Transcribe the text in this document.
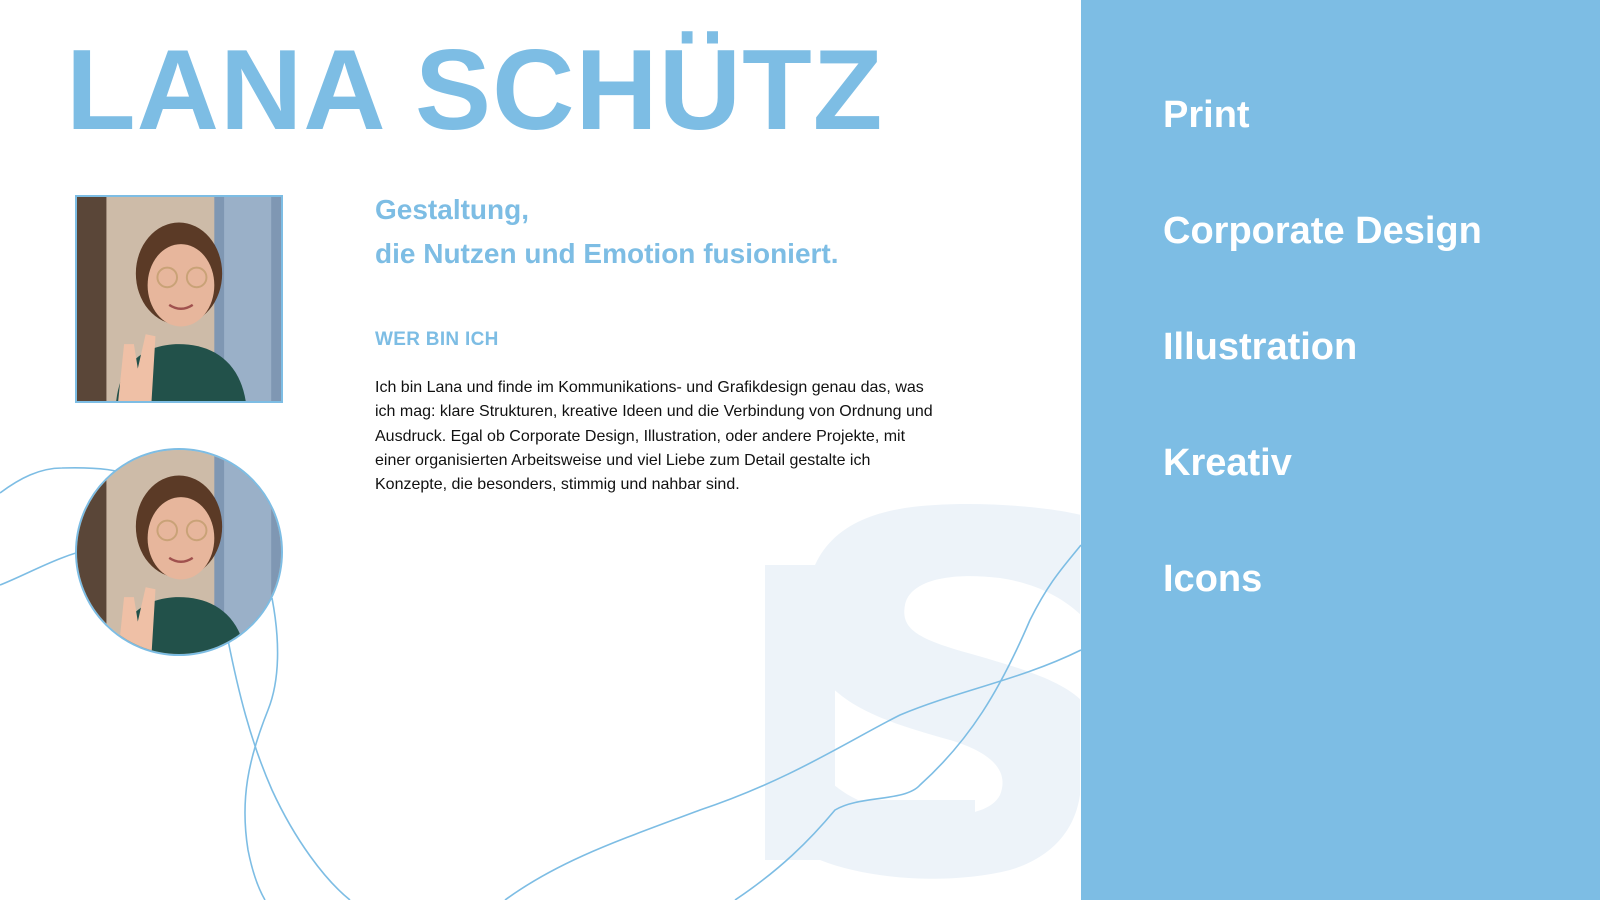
LANA SCHÜTZ
Gestaltung,
die Nutzen und Emotion fusioniert.
WER BIN ICH

Ich bin Lana und finde im Kommunikations- und Grafikdesign genau das, was ich mag: klare Strukturen, kreative Ideen und die Verbindung von Ordnung und Ausdruck. Egal ob Corporate Design, Illustration, oder andere Projekte, mit einer organisierten Arbeitsweise und viel Liebe zum Detail gestalte ich Konzepte, die besonders, stimmig und nahbar sind.

Print
Corporate Design
Illustration
Kreativ
Icons
